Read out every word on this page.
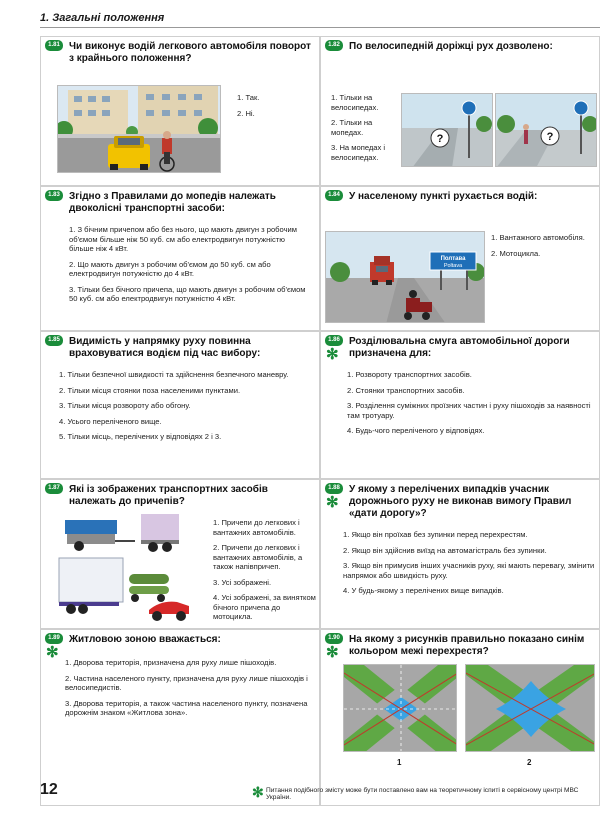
1. Загальні положення
1.81 Чи виконує водій легкового автомобіля поворот з крайнього положення?
1. Так.
2. Ні.
1.82 По велосипедній доріжці рух дозволено:
1. Тільки на велосипедах.
2. Тільки на мопедах.
3. На мопедах і велосипедах.
?	?
1.83 Згідно з Правилами до мопедів належать двоколісні транспортні засоби:
1. З бічним причепом або без нього, що мають двигун з робочим об'ємом більше ніж 50 куб. см або електродвигун потужністю більше ніж 4 кВт.
2. Що мають двигун з робочим об'ємом до 50 куб. см або електродвигун потужністю до 4 кВт.
3. Тільки без бічного причепа, що мають двигун з робочим об'ємом 50 куб. см або електродвигун потужністю 4 кВт.
1.84 У населеному пункті рухається водій:
Полтава
Poltava
1. Вантажного автомобіля.
2. Мотоцикла.
1.85 Видимість у напрямку руху повинна враховуватися водієм під час вибору:
1. Тільки безпечної швидкості та здійснення безпечного маневру.
2. Тільки місця стоянки поза населеними пунктами.
3. Тільки місця розвороту або обгону.
4. Усього переліченого вище.
5. Тільки місць, перелічених у відповідях 2 і 3.
1.86
✻
Розділювальна смуга автомобільної дороги призначена для:
1. Розвороту транспортних засобів.
2. Стоянки транспортних засобів.
3. Розділення суміжних проїзних частин і руху пішоходів за наявності там тротуару.
4. Будь-чого переліченого у відповідях.
1.87 Які із зображених транспортних засобів належать до причепів?
1. Причепи до легкових і вантажних автомобілів.
2. Причепи до легкових і вантажних автомобілів, а також напівпричеп.
3. Усі зображені.
4. Усі зображені, за винятком бічного причепа до мотоцикла.
1.88
✻
У якому з перелічених випадків учасник дорожнього руху не виконав вимогу Правил «дати дорогу»?
1. Якщо він проїхав без зупинки перед перехрестям.
2. Якщо він здійснив виїзд на автомагістраль без зупинки.
3. Якщо він примусив інших учасників руху, які мають перевагу, змінити напрямок або швидкість руху.
4. У будь-якому з перелічених вище випадків.
1.89
✻
Житловою зоною вважається:
1. Дворова територія, призначена для руху лише пішоходів.
2. Частина населеного пункту, призначена для руху лише пішоходів і велосипедистів.
3. Дворова територія, а також частина населеного пункту, позначена дорожнім знаком «Житлова зона».
1.90
✻
На якому з рисунків правильно показано синім кольором межі перехрестя?
1	2
12	✻ Питання подібного змісту може бути поставлено вам на теоретичному іспиті в сервісному центрі МВС України.
